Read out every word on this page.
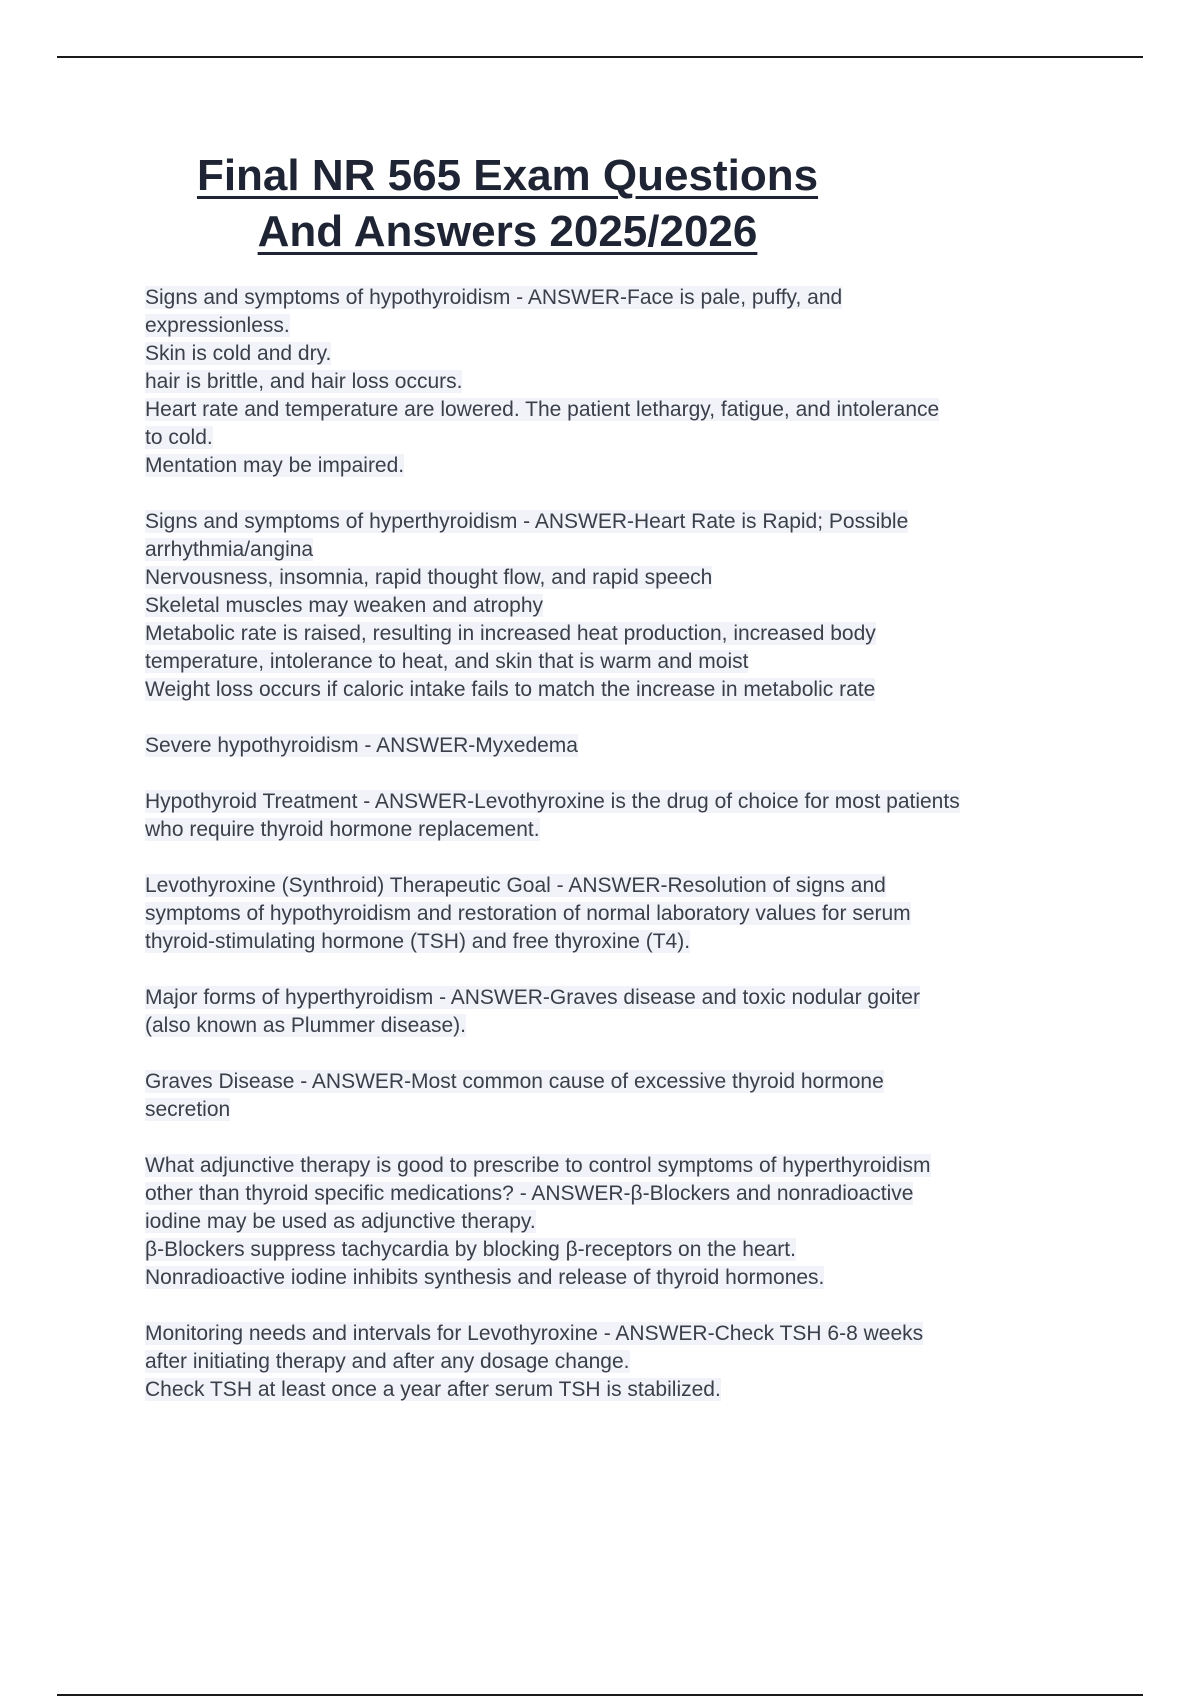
Final NR 565 Exam Questions
And Answers 2025/2026
Signs and symptoms of hypothyroidism - ANSWER-Face is pale, puffy, and
expressionless.
Skin is cold and dry.
hair is brittle, and hair loss occurs.
Heart rate and temperature are lowered. The patient lethargy, fatigue, and intolerance
to cold.
Mentation may be impaired.
Signs and symptoms of hyperthyroidism - ANSWER-Heart Rate is Rapid; Possible
arrhythmia/angina
Nervousness, insomnia, rapid thought flow, and rapid speech
Skeletal muscles may weaken and atrophy
Metabolic rate is raised, resulting in increased heat production, increased body
temperature, intolerance to heat, and skin that is warm and moist
Weight loss occurs if caloric intake fails to match the increase in metabolic rate
Severe hypothyroidism - ANSWER-Myxedema
Hypothyroid Treatment - ANSWER-Levothyroxine is the drug of choice for most patients
who require thyroid hormone replacement.
Levothyroxine (Synthroid) Therapeutic Goal - ANSWER-Resolution of signs and
symptoms of hypothyroidism and restoration of normal laboratory values for serum
thyroid-stimulating hormone (TSH) and free thyroxine (T4).
Major forms of hyperthyroidism - ANSWER-Graves disease and toxic nodular goiter
(also known as Plummer disease).
Graves Disease - ANSWER-Most common cause of excessive thyroid hormone
secretion
What adjunctive therapy is good to prescribe to control symptoms of hyperthyroidism
other than thyroid specific medications? - ANSWER-β-Blockers and nonradioactive
iodine may be used as adjunctive therapy.
β-Blockers suppress tachycardia by blocking β-receptors on the heart.
Nonradioactive iodine inhibits synthesis and release of thyroid hormones.
Monitoring needs and intervals for Levothyroxine - ANSWER-Check TSH 6-8 weeks
after initiating therapy and after any dosage change.
Check TSH at least once a year after serum TSH is stabilized.
